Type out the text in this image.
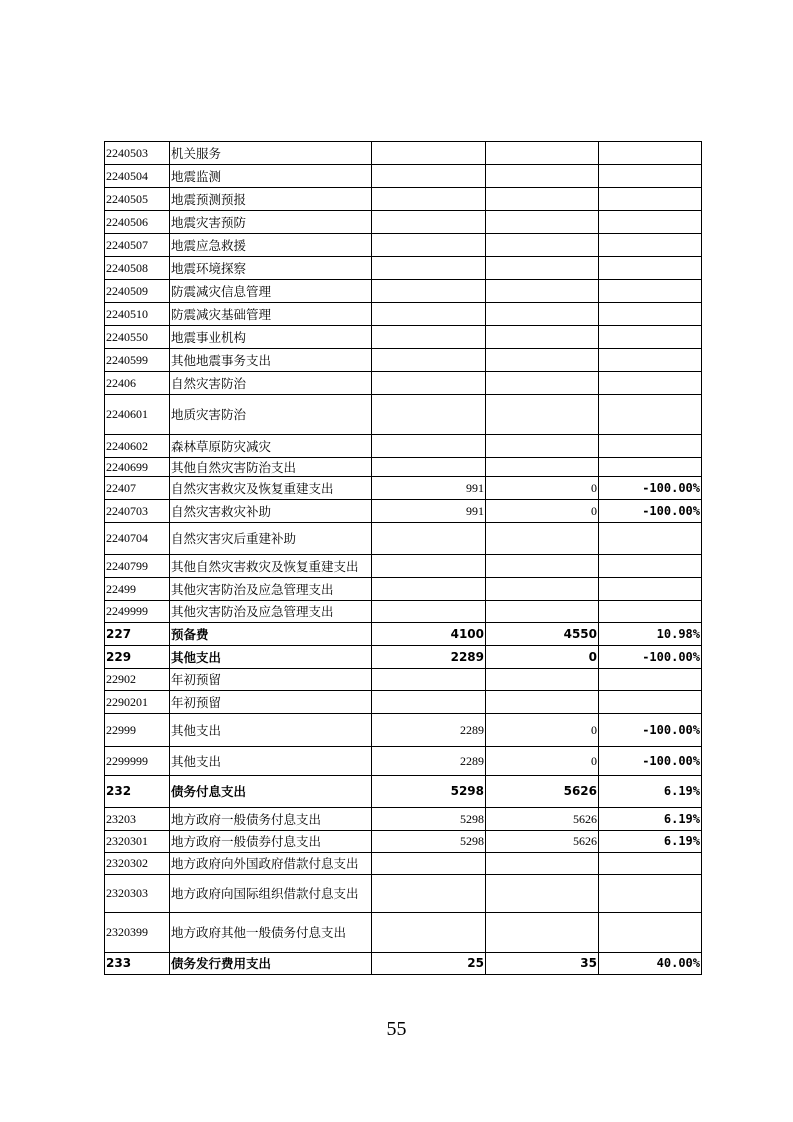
2240503	机关服务			
2240504	地震监测			
2240505	地震预测预报			
2240506	地震灾害预防			
2240507	地震应急救援			
2240508	地震环境探察			
2240509	防震减灾信息管理			
2240510	防震减灾基础管理			
2240550	地震事业机构			
2240599	其他地震事务支出			
22406	自然灾害防治			
2240601	地质灾害防治			
2240602	森林草原防灾减灾			
2240699	其他自然灾害防治支出			
22407	自然灾害救灾及恢复重建支出	991	0	-100.00%
2240703	自然灾害救灾补助	991	0	-100.00%
2240704	自然灾害灾后重建补助			
2240799	其他自然灾害救灾及恢复重建支出			
22499	其他灾害防治及应急管理支出			
2249999	其他灾害防治及应急管理支出			
227	预备费	4100	4550	10.98%
229	其他支出	2289	0	-100.00%
22902	年初预留			
2290201	年初预留			
22999	其他支出	2289	0	-100.00%
2299999	其他支出	2289	0	-100.00%
232	债务付息支出	5298	5626	6.19%
23203	地方政府一般债务付息支出	5298	5626	6.19%
2320301	地方政府一般债券付息支出	5298	5626	6.19%
2320302	地方政府向外国政府借款付息支出			
2320303	地方政府向国际组织借款付息支出			
2320399	地方政府其他一般债务付息支出			
233	债务发行费用支出	25	35	40.00%
55
